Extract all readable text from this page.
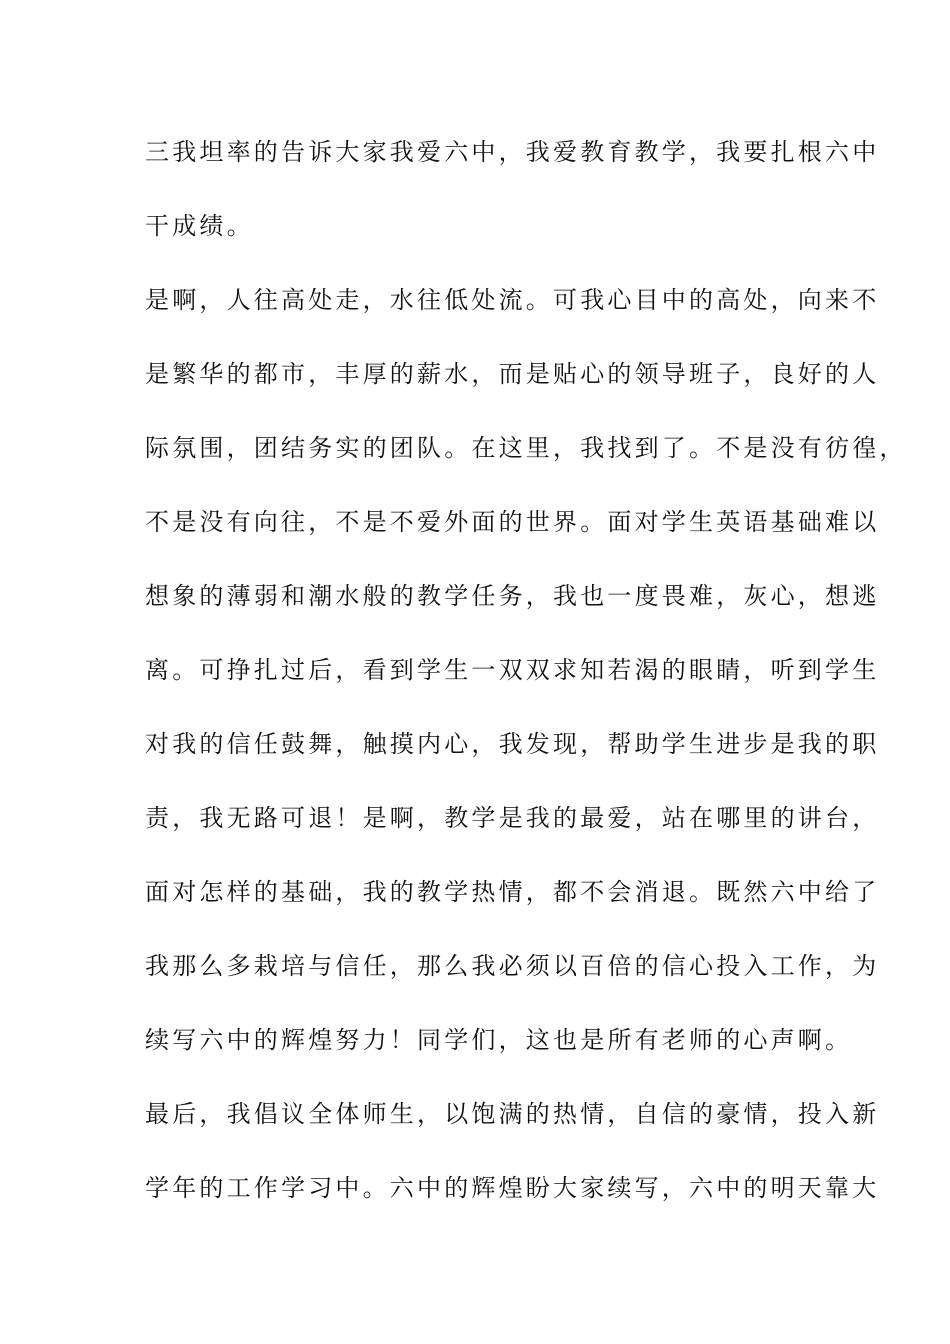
三我坦率的告诉大家我爱六中，我爱教育教学，我要扎根六中
干成绩。
是啊，人往高处走，水往低处流。可我心目中的高处，向来不
是繁华的都市，丰厚的薪水，而是贴心的领导班子，良好的人
际氛围，团结务实的团队。在这里，我找到了。不是没有彷徨，
不是没有向往，不是不爱外面的世界。面对学生英语基础难以
想象的薄弱和潮水般的教学任务，我也一度畏难，灰心，想逃
离。可挣扎过后，看到学生一双双求知若渴的眼睛，听到学生
对我的信任鼓舞，触摸内心，我发现，帮助学生进步是我的职
责，我无路可退！是啊，教学是我的最爱，站在哪里的讲台，
面对怎样的基础，我的教学热情，都不会消退。既然六中给了
我那么多栽培与信任，那么我必须以百倍的信心投入工作，为
续写六中的辉煌努力！同学们，这也是所有老师的心声啊。
最后，我倡议全体师生，以饱满的热情，自信的豪情，投入新
学年的工作学习中。六中的辉煌盼大家续写，六中的明天靠大
